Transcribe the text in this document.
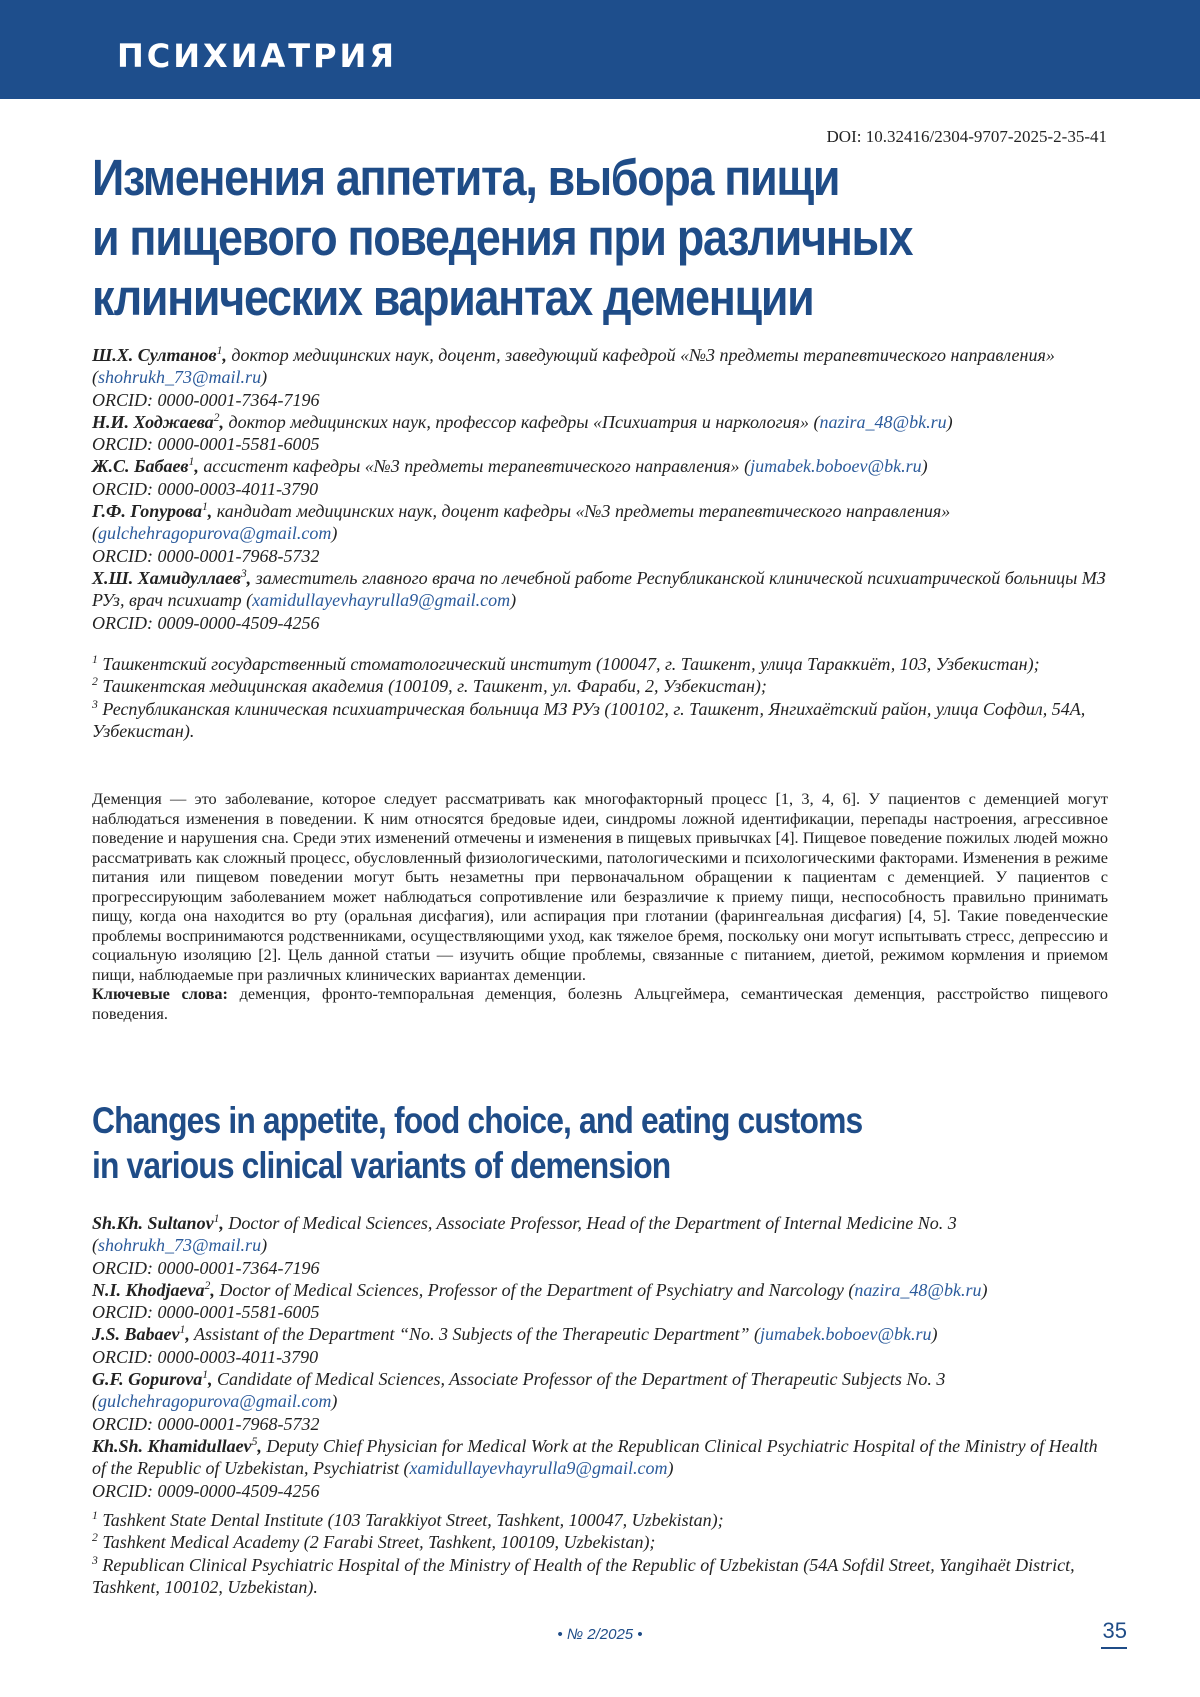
ПСИХИАТРИЯ
DOI: 10.32416/2304-9707-2025-2-35-41
Изменения аппетита, выбора пищи
и пищевого поведения при различных
клинических вариантах деменции

Ш.Х. Султанов1, доктор медицинских наук, доцент, заведующий кафедрой «№3 предметы терапевтического направления» (shohrukh_73@mail.ru)

ORCID: 0000-0001-7364-7196

Н.И. Ходжаева2, доктор медицинских наук, профессор кафедры «Психиатрия и наркология» (nazira_48@bk.ru)

ORCID: 0000-0001-5581-6005

Ж.С. Бабаев1, ассистент кафедры «№3 предметы терапевтического направления» (jumabek.boboev@bk.ru)

ORCID: 0000-0003-4011-3790

Г.Ф. Гопурова1, кандидат медицинских наук, доцент кафедры «№3 предметы терапевтического направления» (gulchehragopurova@gmail.com)

ORCID: 0000-0001-7968-5732

Х.Ш. Хамидуллаев3, заместитель главного врача по лечебной работе Республиканской клинической психиатрической больницы МЗ РУз, врач психиатр (xamidullayevhayrulla9@gmail.com)

ORCID: 0009-0000-4509-4256

1 Ташкентский государственный стоматологический институт (100047, г. Ташкент, улица Тараккиёт, 103, Узбекистан);

2 Ташкентская медицинская академия (100109, г. Ташкент, ул. Фараби, 2, Узбекистан);

3 Республиканская клиническая психиатрическая больница МЗ РУз (100102, г. Ташкент, Янгихаётский район, улица Софдил, 54А, Узбекистан).

Деменция — это заболевание, которое следует рассматривать как многофакторный процесс [1, 3, 4, 6]. У пациентов с деменцией могут наблюдаться изменения в поведении. К ним относятся бредовые идеи, синдромы ложной идентификации, перепады настроения, агрессивное поведение и нарушения сна. Среди этих изменений отмечены и изменения в пищевых привычках [4]. Пищевое поведение пожилых людей можно рассматривать как сложный процесс, обусловленный физиологическими, патологическими и психологическими факторами. Изменения в режиме питания или пищевом поведении могут быть незаметны при первоначальном обращении к пациентам с деменцией. У пациентов с прогрессирующим заболеванием может наблюдаться сопротивление или безразличие к приему пищи, неспособность правильно принимать пищу, когда она находится во рту (оральная дисфагия), или аспирация при глотании (фарингеальная дисфагия) [4, 5]. Такие поведенческие проблемы воспринимаются родственниками, осуществляющими уход, как тяжелое бремя, поскольку они могут испытывать стресс, депрессию и социальную изоляцию [2]. Цель данной статьи — изучить общие проблемы, связанные с питанием, диетой, режимом кормления и приемом пищи, наблюдаемые при различных клинических вариантах деменции.

Ключевые слова: деменция, фронто-темпоральная деменция, болезнь Альцгеймера, семантическая деменция, расстройство пищевого поведения.

Changes in appetite, food choice, and eating customs
in various clinical variants of demension

Sh.Kh. Sultanov1, Doctor of Medical Sciences, Associate Professor, Head of the Department of Internal Medicine No. 3 (shohrukh_73@mail.ru)

ORCID: 0000-0001-7364-7196

N.I. Khodjaeva2, Doctor of Medical Sciences, Professor of the Department of Psychiatry and Narcology (nazira_48@bk.ru)

ORCID: 0000-0001-5581-6005

J.S. Babaev1, Assistant of the Department “No. 3 Subjects of the Therapeutic Department” (jumabek.boboev@bk.ru)

ORCID: 0000-0003-4011-3790

G.F. Gopurova1, Candidate of Medical Sciences, Associate Professor of the Department of Therapeutic Subjects No. 3 (gulchehragopurova@gmail.com)

ORCID: 0000-0001-7968-5732

Kh.Sh. Khamidullaev5, Deputy Chief Physician for Medical Work at the Republican Clinical Psychiatric Hospital of the Ministry of Health of the Republic of Uzbekistan, Psychiatrist (xamidullayevhayrulla9@gmail.com)

ORCID: 0009-0000-4509-4256

1 Tashkent State Dental Institute (103 Tarakkiyot Street, Tashkent, 100047, Uzbekistan);

2 Tashkent Medical Academy (2 Farabi Street, Tashkent, 100109, Uzbekistan);

3 Republican Clinical Psychiatric Hospital of the Ministry of Health of the Republic of Uzbekistan (54A Sofdil Street, Yangihaёt District, Tashkent, 100102, Uzbekistan).

• № 2/2025 •	35
